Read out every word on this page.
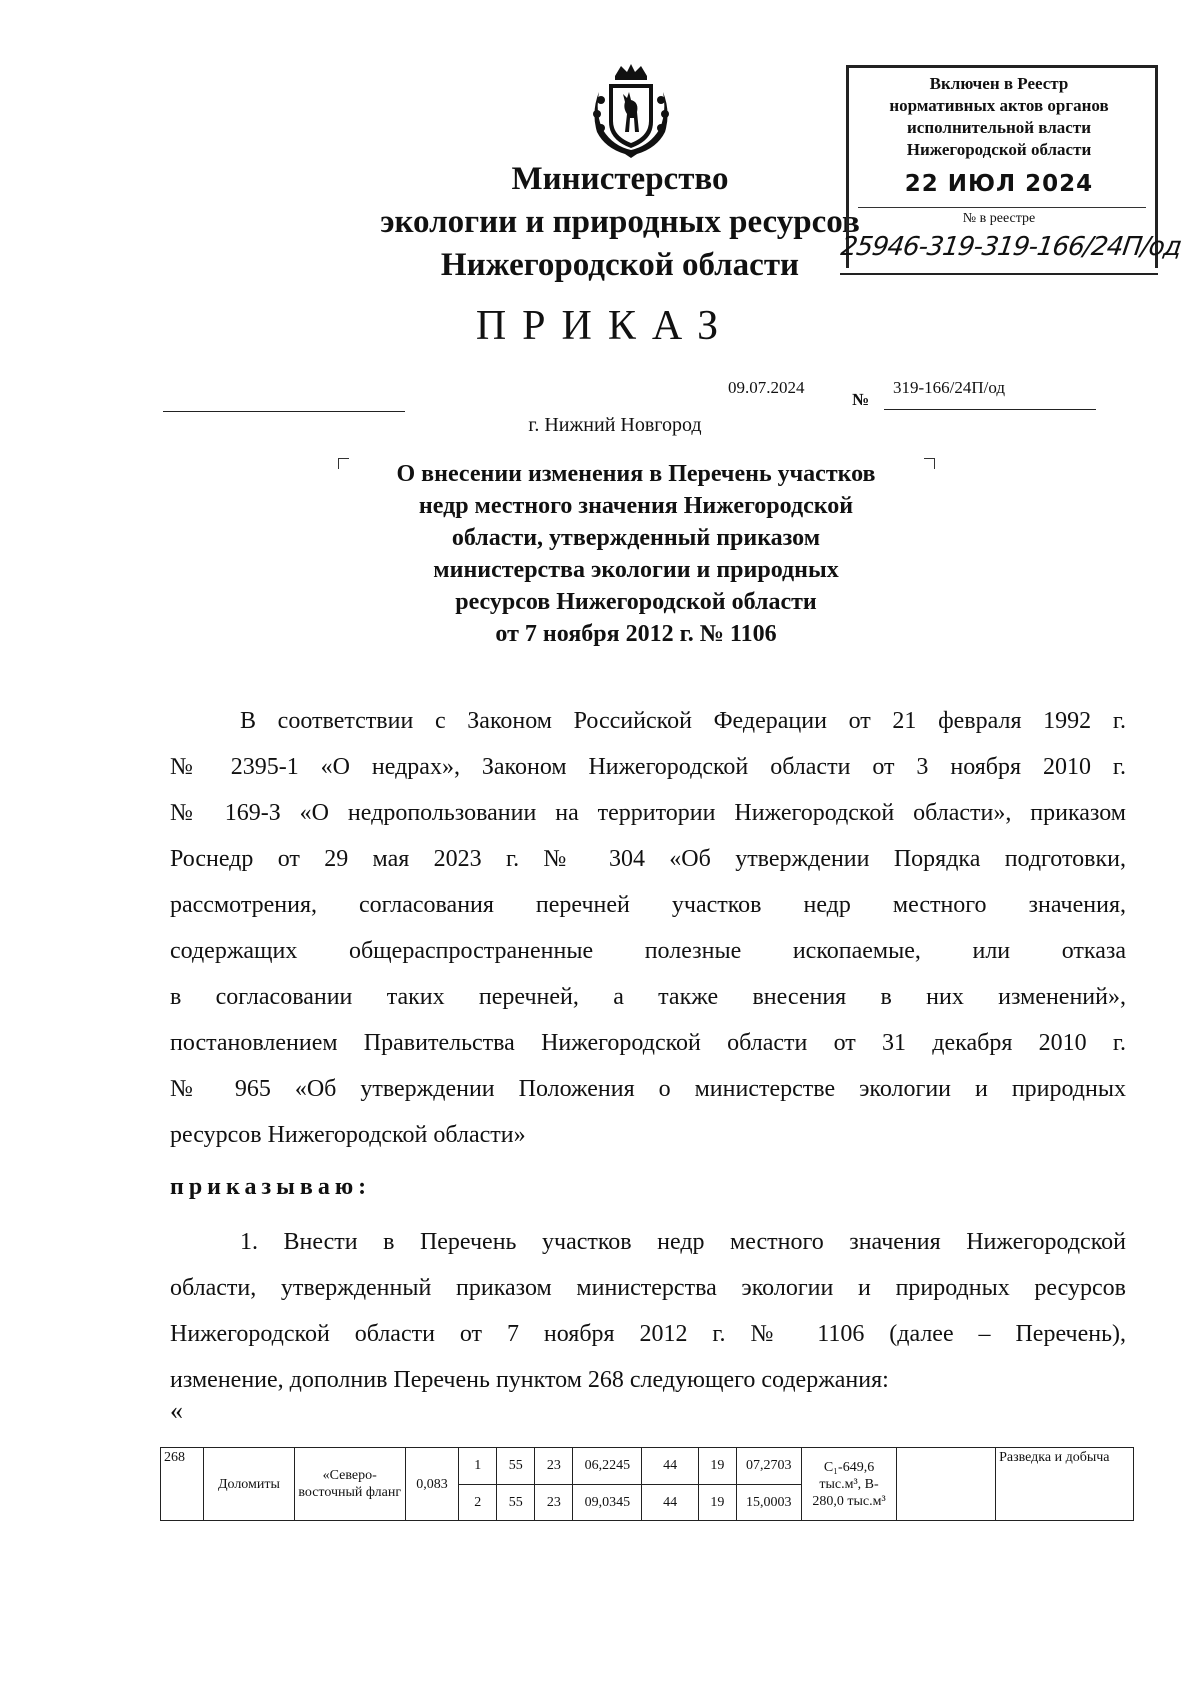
Министерство
экологии и природных ресурсов
Нижегородской области
Включен в Реестр
нормативных актов органов
исполнительной власти
Нижегородской области
22 ИЮЛ 2024
№ в реестре
25946-319-319-166/24П/од
ПРИКАЗ
09.07.2024
№
319-166/24П/од
г. Нижний Новгород
О внесении изменения в Перечень участков
недр местного значения Нижегородской
области, утвержденный приказом
министерства экологии и природных
ресурсов Нижегородской области
от 7 ноября 2012 г. № 1106
В соответствии с Законом Российской Федерации от 21 февраля 1992 г.
№ 2395-1 «О недрах», Законом Нижегородской области от 3 ноября 2010 г.
№ 169-З «О недропользовании на территории Нижегородской области», приказом
Роснедр от 29 мая 2023 г. № 304 «Об утверждении Порядка подготовки,
рассмотрения, согласования перечней участков недр местного значения,
содержащих общераспространенные полезные ископаемые, или отказа
в согласовании таких перечней, а также внесения в них изменений»,
постановлением Правительства Нижегородской области от 31 декабря 2010 г.
№ 965 «Об утверждении Положения о министерстве экологии и природных
ресурсов Нижегородской области»
приказываю:
1. Внести в Перечень участков недр местного значения Нижегородской
области, утвержденный приказом министерства экологии и природных ресурсов
Нижегородской области от 7 ноября 2012 г. № 1106 (далее – Перечень),
изменение, дополнив Перечень пунктом 268 следующего содержания:
«
268	Доломиты	«Северо-восточный фланг	0,083	1	55	23	06,2245	44	19	07,2703	C₁-649,6 тыс.м³, B-280,0 тыс.м³		Разведка и добыча
				2	55	23	09,0345	44	19	15,0003			
